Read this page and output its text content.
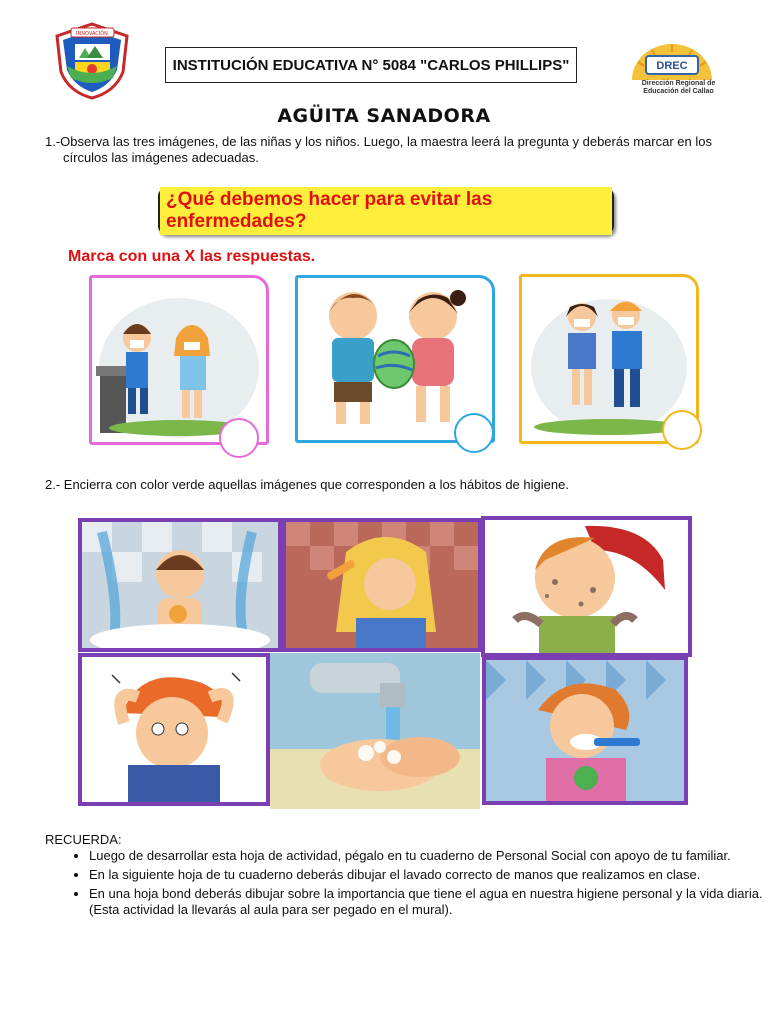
INNOVACIÓN
INSTITUCIÓN EDUCATIVA N° 5084 "CARLOS PHILLIPS"	DREC
Dirección Regional de Educación del Callao
AGÜITA SANADORA
1.-Observa las tres imágenes, de las niñas y los niños. Luego, la maestra leerá la pregunta y deberás marcar en los círculos las imágenes adecuadas.
¿Qué debemos hacer para evitar las enfermedades?
Marca con una X las respuestas.
2.- Encierra con color verde aquellas imágenes que corresponden a los hábitos de higiene.
RECUERDA:
• Luego de desarrollar esta hoja de actividad, pégalo en tu cuaderno de Personal Social con apoyo de tu familiar.
• En la siguiente hoja de tu cuaderno deberás dibujar el lavado correcto de manos que realizamos en clase.
• En una hoja bond deberás dibujar sobre la importancia que tiene el agua en nuestra higiene personal y la vida diaria. (Esta actividad la llevarás al aula para ser pegado en el mural).
